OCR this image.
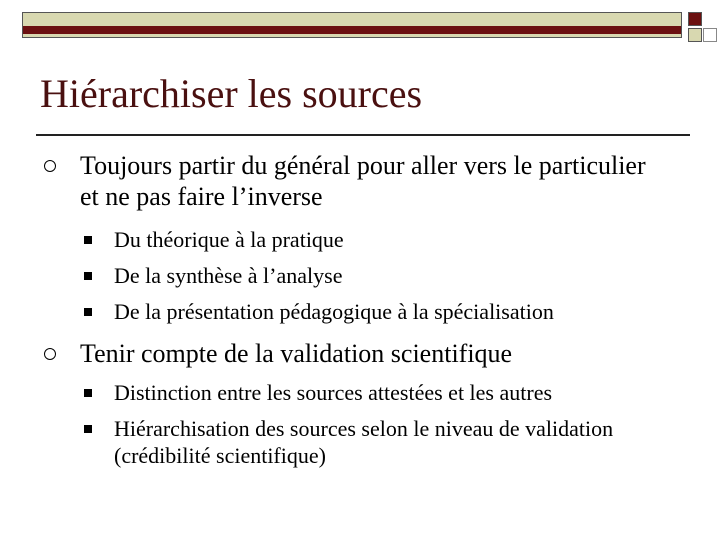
Hiérarchiser les sources
Toujours partir du général pour aller vers le particulier et ne pas faire l’inverse
Du théorique à la pratique
De la synthèse à l’analyse
De la présentation pédagogique à la spécialisation
Tenir compte de la validation scientifique
Distinction entre les sources attestées et les autres
Hiérarchisation des sources selon le niveau de validation (crédibilité scientifique)
